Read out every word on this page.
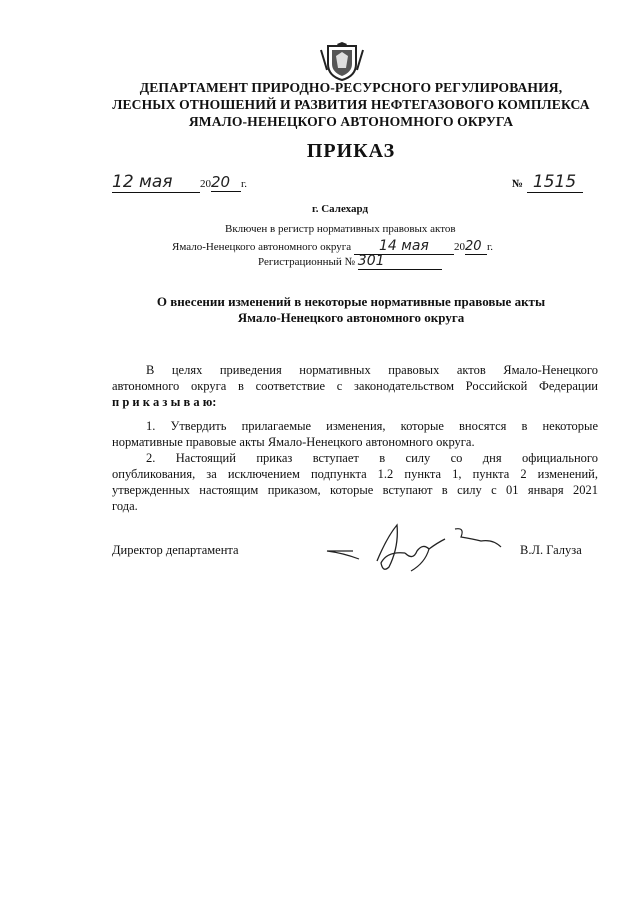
ДЕПАРТАМЕНТ ПРИРОДНО-РЕСУРСНОГО РЕГУЛИРОВАНИЯ,
ЛЕСНЫХ ОТНОШЕНИЙ И РАЗВИТИЯ НЕФТЕГАЗОВОГО КОМПЛЕКСА
ЯМАЛО-НЕНЕЦКОГО АВТОНОМНОГО ОКРУГА
ПРИКАЗ
12 мая 2020 г.	№ 1515
г. Салехард
Включен в регистр нормативных правовых актов
Ямало-Ненецкого автономного округа 14 мая 2020 г.
Регистрационный № 301
О внесении изменений в некоторые нормативные правовые акты
Ямало-Ненецкого автономного округа
В целях приведения нормативных правовых актов Ямало-Ненецкого
автономного округа в соответствие с законодательством Российской Федерации
п р и к а з ы в а ю:
1. Утвердить прилагаемые изменения, которые вносятся в некоторые
нормативные правовые акты Ямало-Ненецкого автономного округа.
2. Настоящий приказ вступает в силу со дня официального
опубликования, за исключением подпункта 1.2 пункта 1, пункта 2 изменений,
утвержденных настоящим приказом, которые вступают в силу с 01 января 2021
года.
Директор департамента	В.Л. Галуза
